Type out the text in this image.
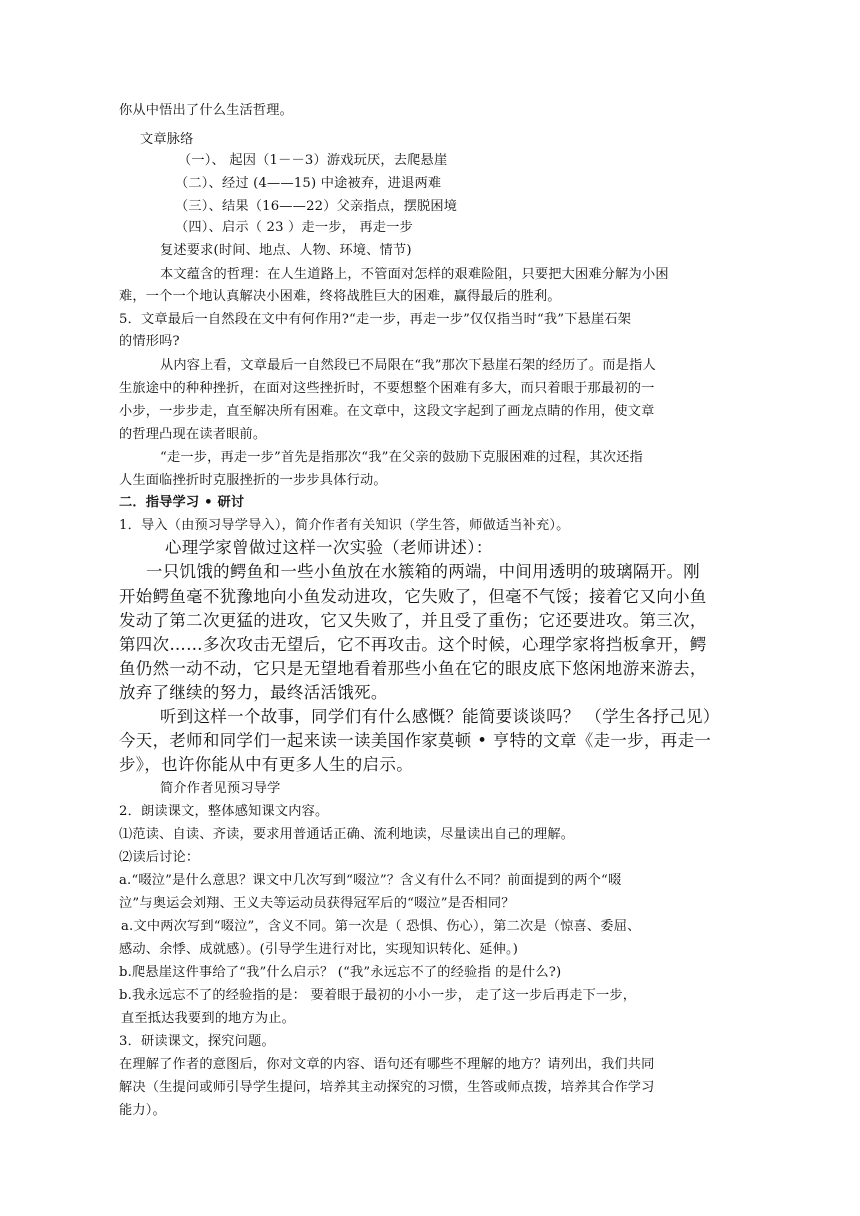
你从中悟出了什么生活哲理。
文章脉络
（一）、 起因（1－－3）游戏玩厌，去爬悬崖
（二）、经过 (4——15) 中途被弃，进退两难
（三）、结果（16——22）父亲指点，摆脱困境
（四）、启示（ 23 ）走一步， 再走一步
复述要求(时间、地点、人物、环境、情节)
本文蕴含的哲理：在人生道路上，不管面对怎样的艰难险阻，只要把大困难分解为小困
难，一个一个地认真解决小困难，终将战胜巨大的困难，赢得最后的胜利。
5．文章最后一自然段在文中有何作用?“走一步，再走一步”仅仅指当时“我”下悬崖石架
的情形吗?
从内容上看，文章最后一自然段已不局限在“我”那次下悬崖石架的经历了。而是指人
生旅途中的种种挫折，在面对这些挫折时，不要想整个困难有多大，而只着眼于那最初的一
小步，一步步走，直至解决所有困难。在文章中，这段文字起到了画龙点睛的作用，使文章
的哲理凸现在读者眼前。
“走一步，再走一步”首先是指那次“我”在父亲的鼓励下克服困难的过程，其次还指
人生面临挫折时克服挫折的一步步具体行动。
二．指导学习 • 研讨
1．导入（由预习导学导入），简介作者有关知识（学生答，师做适当补充）。
心理学家曾做过这样一次实验（老师讲述）：
一只饥饿的鳄鱼和一些小鱼放在水簇箱的两端，中间用透明的玻璃隔开。刚
开始鳄鱼毫不犹豫地向小鱼发动进攻，它失败了，但毫不气馁；接着它又向小鱼
发动了第二次更猛的进攻，它又失败了，并且受了重伤；它还要进攻。第三次，
第四次……多次攻击无望后，它不再攻击。这个时候，心理学家将挡板拿开，鳄
鱼仍然一动不动，它只是无望地看着那些小鱼在它的眼皮底下悠闲地游来游去，
放弃了继续的努力，最终活活饿死。
听到这样一个故事，同学们有什么感慨？能简要谈谈吗？ （学生各抒己见）
今天，老师和同学们一起来读一读美国作家莫顿 • 亨特的文章《走一步，再走一
步》，也许你能从中有更多人生的启示。
简介作者见预习导学
2．朗读课文，整体感知课文内容。
⑴范读、自读、齐读，要求用普通话正确、流利地读，尽量读出自己的理解。
⑵读后讨论：
a.“啜泣”是什么意思？课文中几次写到“啜泣”？含义有什么不同？前面提到的两个“啜
泣”与奥运会刘翔、王义夫等运动员获得冠军后的“啜泣”是否相同？
a.文中两次写到“啜泣”，含义不同。第一次是（ 恐惧、伤心），第二次是（惊喜、委屈、
感动、余悸、成就感）。(引导学生进行对比，实现知识转化、延伸。)
b.爬悬崖这件事给了“我”什么启示？ (“我”永远忘不了的经验指 的是什么?)
b.我永远忘不了的经验指的是： 要着眼于最初的小小一步， 走了这一步后再走下一步，
直至抵达我要到的地方为止。
3．研读课文，探究问题。
在理解了作者的意图后，你对文章的内容、语句还有哪些不理解的地方？请列出，我们共同
解决（生提问或师引导学生提问，培养其主动探究的习惯，生答或师点拨，培养其合作学习
能力）。
